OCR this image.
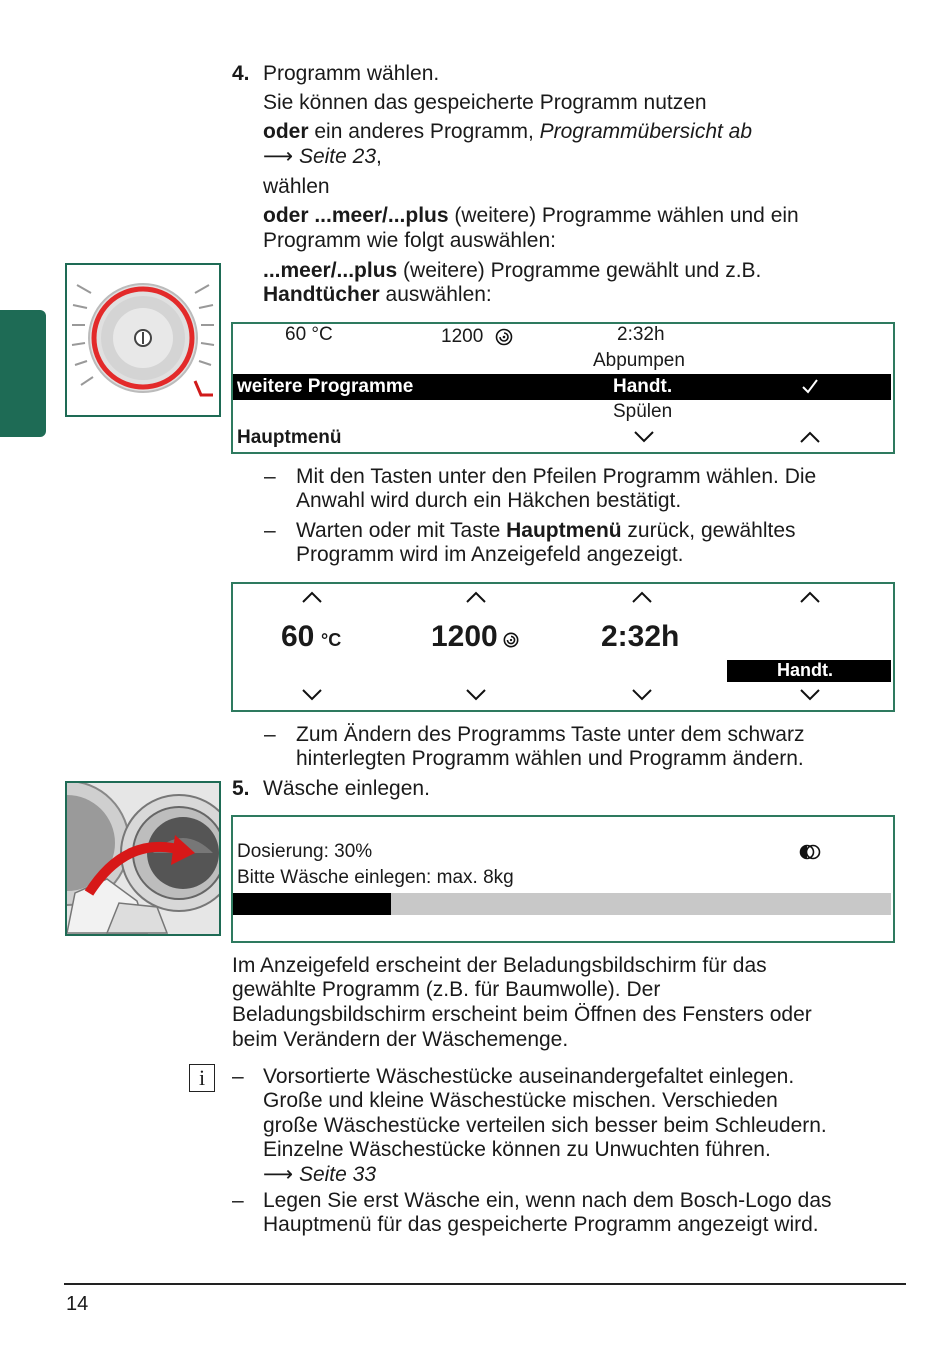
4. Programm wählen.
Sie können das gespeicherte Programm nutzen
oder ein anderes Programm, Programmübersicht ab
⟶ Seite 23,
wählen
oder ...meer/...plus (weitere) Programme wählen und ein
Programm wie folgt auswählen:
...meer/...plus (weitere) Programme gewählt und z.B.
Handtücher auswählen:
60 °C	1200	2:32h
Abpumpen
weitere Programme	Handt.
Spülen
Hauptmenü
– Mit den Tasten unter den Pfeilen Programm wählen. Die
Anwahl wird durch ein Häkchen bestätigt.
– Warten oder mit Taste Hauptmenü zurück, gewähltes
Programm wird im Anzeigefeld angezeigt.
60 °C	1200	2:32h
Handt.
– Zum Ändern des Programms Taste unter dem schwarz
hinterlegten Programm wählen und Programm ändern.
5. Wäsche einlegen.
Dosierung: 30%
Bitte Wäsche einlegen: max. 8kg
Im Anzeigefeld erscheint der Beladungsbildschirm für das
gewählte Programm (z.B. für Baumwolle). Der
Beladungsbildschirm erscheint beim Öffnen des Fensters oder
beim Verändern der Wäschemenge.
i	– Vorsortierte Wäschestücke auseinandergefaltet einlegen.
Große und kleine Wäschestücke mischen. Verschieden
große Wäschestücke verteilen sich besser beim Schleudern.
Einzelne Wäschestücke können zu Unwuchten führen.
⟶ Seite 33
– Legen Sie erst Wäsche ein, wenn nach dem Bosch-Logo das
Hauptmenü für das gespeicherte Programm angezeigt wird.
14
